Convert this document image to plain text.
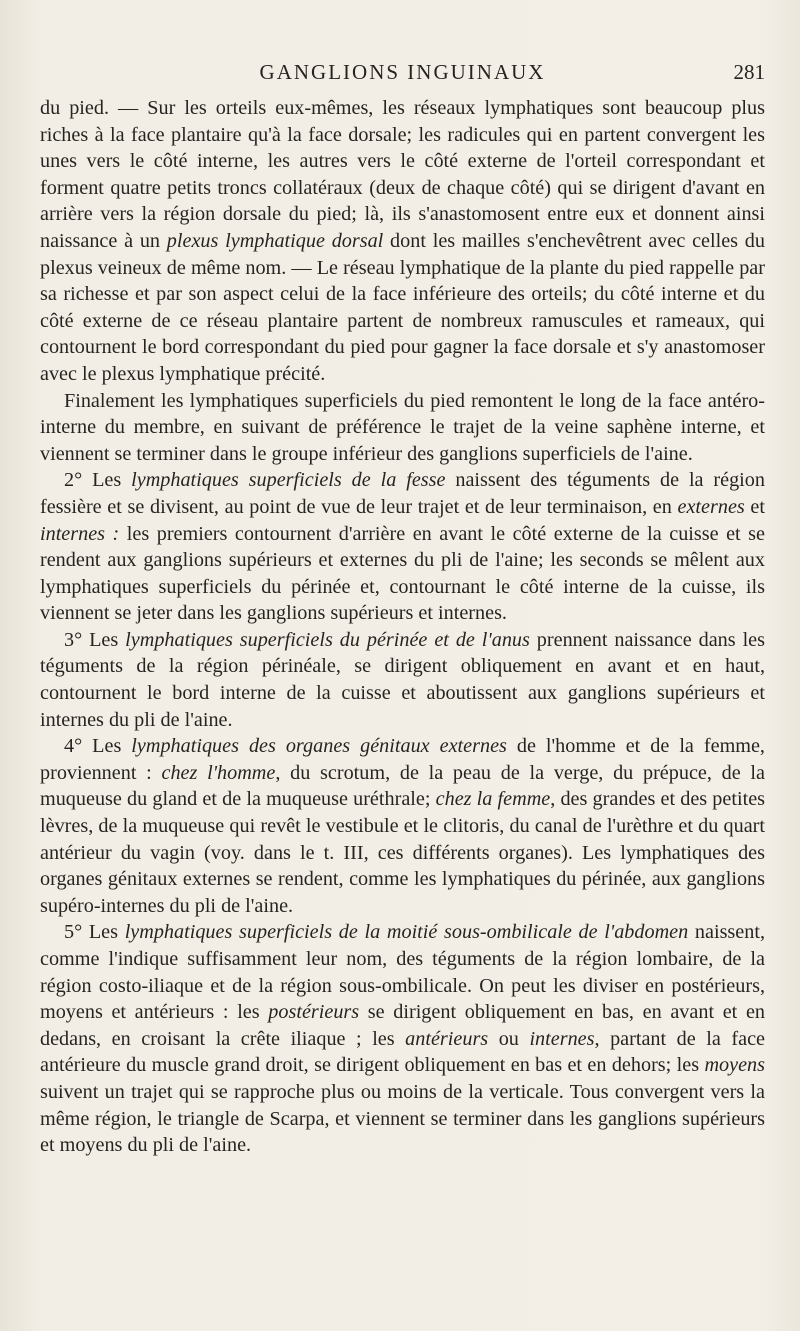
GANGLIONS INGUINAUX	281

du pied. — Sur les orteils eux-mêmes, les réseaux lymphatiques sont beaucoup plus riches à la face plantaire qu'à la face dorsale; les radicules qui en partent convergent les unes vers le côté interne, les autres vers le côté externe de l'orteil correspondant et forment quatre petits troncs collatéraux (deux de chaque côté) qui se dirigent d'avant en arrière vers la région dorsale du pied; là, ils s'anastomosent entre eux et donnent ainsi naissance à un plexus lymphatique dorsal dont les mailles s'enchevêtrent avec celles du plexus veineux de même nom. — Le réseau lymphatique de la plante du pied rappelle par sa richesse et par son aspect celui de la face inférieure des orteils; du côté interne et du côté externe de ce réseau plantaire partent de nombreux ramuscules et rameaux, qui contournent le bord correspondant du pied pour gagner la face dorsale et s'y anastomoser avec le plexus lymphatique précité.

Finalement les lymphatiques superficiels du pied remontent le long de la face antéro-interne du membre, en suivant de préférence le trajet de la veine saphène interne, et viennent se terminer dans le groupe inférieur des ganglions superficiels de l'aine.

2° Les lymphatiques superficiels de la fesse naissent des téguments de la région fessière et se divisent, au point de vue de leur trajet et de leur terminaison, en externes et internes : les premiers contournent d'arrière en avant le côté externe de la cuisse et se rendent aux ganglions supérieurs et externes du pli de l'aine; les seconds se mêlent aux lymphatiques superficiels du périnée et, contournant le côté interne de la cuisse, ils viennent se jeter dans les ganglions supérieurs et internes.

3° Les lymphatiques superficiels du périnée et de l'anus prennent naissance dans les téguments de la région périnéale, se dirigent obliquement en avant et en haut, contournent le bord interne de la cuisse et aboutissent aux ganglions supérieurs et internes du pli de l'aine.

4° Les lymphatiques des organes génitaux externes de l'homme et de la femme, proviennent : chez l'homme, du scrotum, de la peau de la verge, du prépuce, de la muqueuse du gland et de la muqueuse uréthrale; chez la femme, des grandes et des petites lèvres, de la muqueuse qui revêt le vestibule et le clitoris, du canal de l'urèthre et du quart antérieur du vagin (voy. dans le t. III, ces différents organes). Les lymphatiques des organes génitaux externes se rendent, comme les lymphatiques du périnée, aux ganglions supéro-internes du pli de l'aine.

5° Les lymphatiques superficiels de la moitié sous-ombilicale de l'abdomen naissent, comme l'indique suffisamment leur nom, des téguments de la région lombaire, de la région costo-iliaque et de la région sous-ombilicale. On peut les diviser en postérieurs, moyens et antérieurs : les postérieurs se dirigent obliquement en bas, en avant et en dedans, en croisant la crête iliaque ; les antérieurs ou internes, partant de la face antérieure du muscle grand droit, se dirigent obliquement en bas et en dehors; les moyens suivent un trajet qui se rapproche plus ou moins de la verticale. Tous convergent vers la même région, le triangle de Scarpa, et viennent se terminer dans les ganglions supérieurs et moyens du pli de l'aine.
